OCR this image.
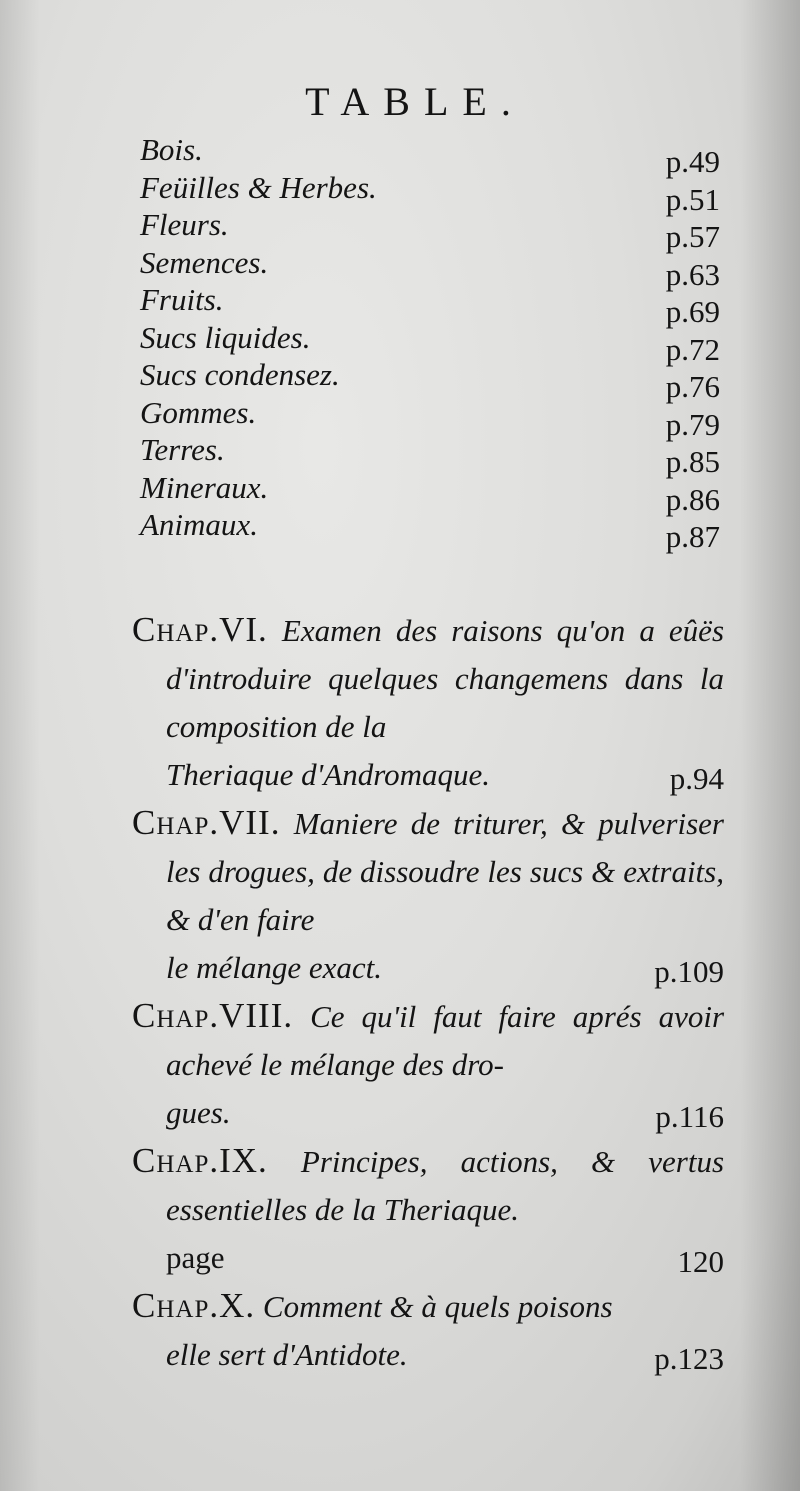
TABLE.
Bois.	p.49
Feüilles & Herbes.	p.51
Fleurs.	p.57
Semences.	p.63
Fruits.	p.69
Sucs liquides.	p.72
Sucs condensez.	p.76
Gommes.	p.79
Terres.	p.85
Mineraux.	p.86
Animaux.	p.87
Chap.VI. Examen des raisons qu'on a eûës d'introduire quelques changemens dans la composition de la
Theriaque d'Andromaque.	p.94
Chap.VII. Maniere de triturer, & pulveriser les drogues, de dissoudre les sucs & extraits, & d'en faire
le mélange exact.	p.109
Chap.VIII. Ce qu'il faut faire aprés avoir achevé le mélange des dro-
gues.	p.116
Chap.IX. Principes, actions, & vertus essentielles de la Theriaque.
page	120
Chap.X. Comment & à quels poisons
elle sert d'Antidote.	p.123
